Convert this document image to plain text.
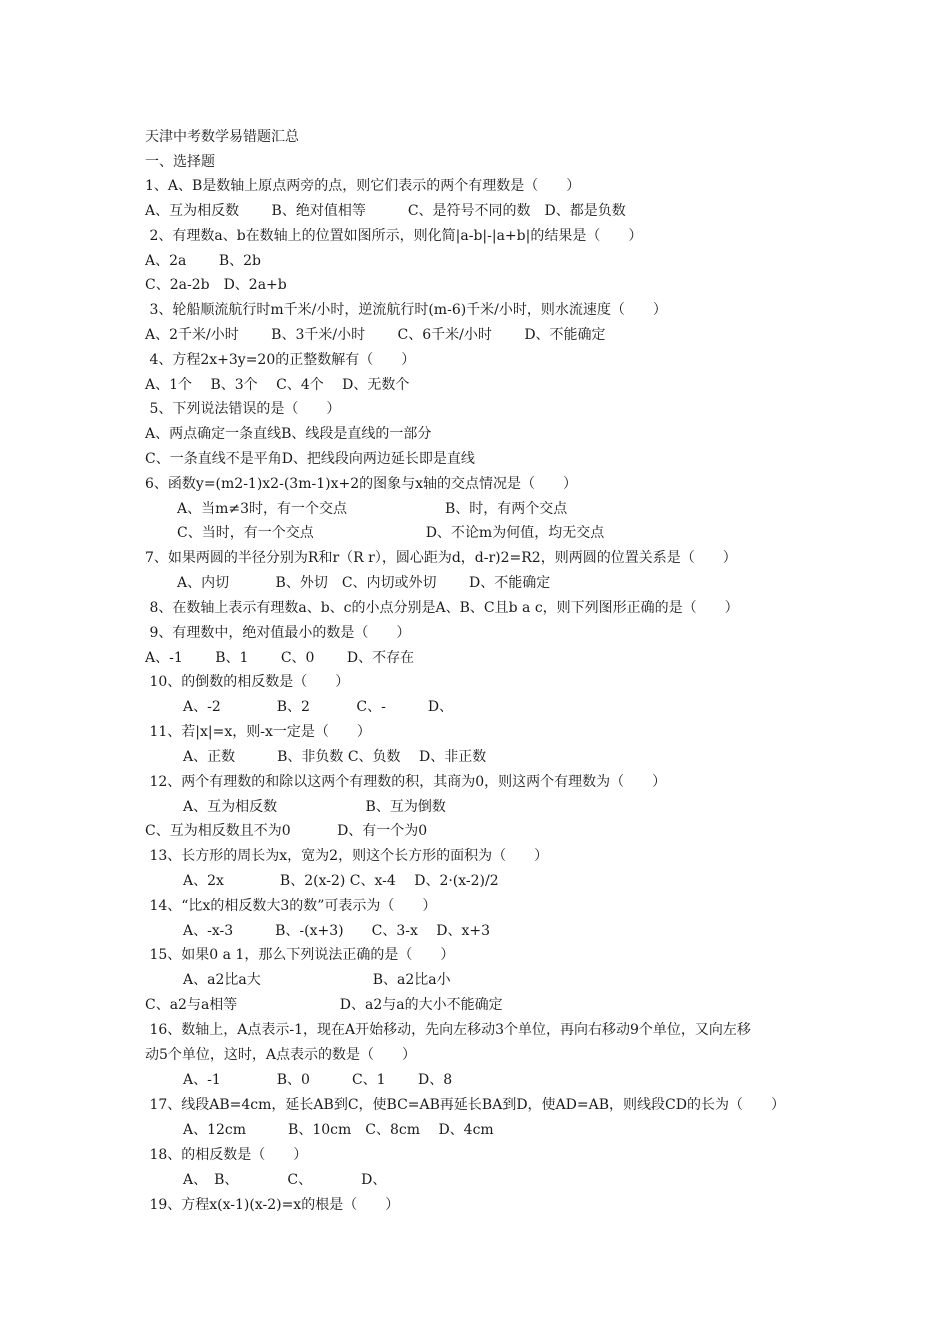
天津中考数学易错题汇总
一、选择题
1、A、B是数轴上原点两旁的点，则它们表示的两个有理数是（　　）
A、互为相反数　　 B、绝对值相等　　　C、是符号不同的数　D、都是负数
2、有理数a、b在数轴上的位置如图所示，则化简|a-b|-|a+b|的结果是（　　）
A、2a　　 B、2b
C、2a-2b　D、2a+b
3、轮船顺流航行时m千米/小时，逆流航行时(m-6)千米/小时，则水流速度（　　）
A、2千米/小时　　 B、3千米/小时　　 C、6千米/小时　　 D、不能确定
4、方程2x+3y=20的正整数解有（　　）
A、1个　 B、3个　 C、4个　 D、无数个
5、下列说法错误的是（　　）
A、两点确定一条直线B、线段是直线的一部分
C、一条直线不是平角D、把线段向两边延长即是直线
6、函数y=(m2-1)x2-(3m-1)x+2的图象与x轴的交点情况是（　　）
A、当m≠3时，有一个交点　　　　　　　B、时，有两个交点
C、当时，有一个交点　　　　　　　　D、不论m为何值，均无交点
7、如果两圆的半径分别为R和r（R r），圆心距为d，d-r)2=R2，则两圆的位置关系是（　　）
A、内切　　　 B、外切　C、内切或外切　　 D、不能确定
8、在数轴上表示有理数a、b、c的小点分别是A、B、C且b a c，则下列图形正确的是（　　）
9、有理数中，绝对值最小的数是（　　）
A、-1　　 B、1　　 C、0　　 D、不存在
10、的倒数的相反数是（　　）
A、-2　　　　B、2　　　 C、-　　　D、
11、若|x|=x，则-x一定是（　　）
A、正数　　　B、非负数 C、负数　 D、非正数
12、两个有理数的和除以这两个有理数的积，其商为0，则这两个有理数为（　　）
A、互为相反数　　　　　　 B、互为倒数
C、互为相反数且不为0　　　 D、有一个为0
13、长方形的周长为x，宽为2，则这个长方形的面积为（　　）
A、2x　　　　B、2(x-2) C、x-4　 D、2·(x-2)/2
14、“比x的相反数大3的数”可表示为（　　）
A、-x-3　　　B、-(x+3)　　C、3-x　 D、x+3
15、如果0 a 1，那么下列说法正确的是（　　）
A、a2比a大　　　　　　　　B、a2比a小
C、a2与a相等　　　　　　　 D、a2与a的大小不能确定
16、数轴上，A点表示-1，现在A开始移动，先向左移动3个单位，再向右移动9个单位，又向左移
动5个单位，这时，A点表示的数是（　　）
A、-1　　　　B、0　　　C、1　　 D、8
17、线段AB=4cm，延长AB到C，使BC=AB再延长BA到D，使AD=AB，则线段CD的长为（　　）
A、12cm　　　B、10cm　C、8cm　 D、4cm
18、的相反数是（　　）
A、　B、　　　　C、　　　　D、
19、方程x(x-1)(x-2)=x的根是（　　）
